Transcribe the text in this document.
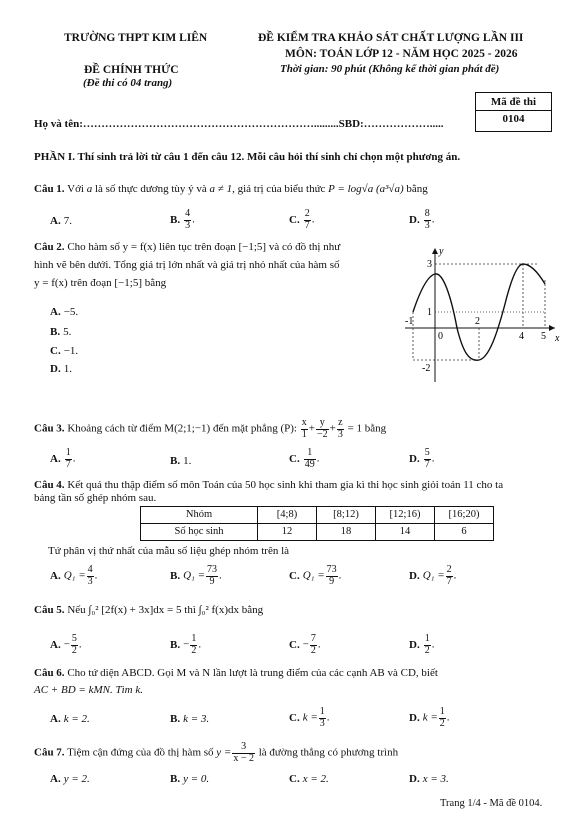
TRƯỜNG THPT KIM LIÊN
ĐỀ CHÍNH THỨC
(Đề thi có 04 trang)
ĐỀ KIỂM TRA KHẢO SÁT CHẤT LƯỢNG LẦN III
MÔN: TOÁN LỚP 12 - NĂM HỌC 2025 - 2026
Thời gian: 90 phút (Không kể thời gian phát đề)
Mã đề thi
0104
Họ và tên:……………………………………………………….........SBD:……………….....
PHẦN I. Thí sinh trả lời từ câu 1 đến câu 12. Mỗi câu hỏi thí sinh chỉ chọn một phương án.
Câu 1. Với a là số thực dương tùy ý và a ≠ 1, giá trị của biểu thức P = log√a (a³√a) bằng
A. 7.	B. $\frac{4}{3}$ .	C. $\frac{2}{7}$ .	D. $\frac{8}{3}$ .
Câu 2. Cho hàm số y = f(x) liên tục trên đoạn [−1;5] và có đồ thị như
hình vẽ bên dưới. Tổng giá trị lớn nhất và giá trị nhỏ nhất của hàm số
y = f(x) trên đoạn [−1;5] bằng
A. −5.
B. 5.
C. −1.
D. 1.
y
x
3
1
-1
0
-2
2
4 5
Câu 3. Khoảng cách từ điểm M(2;1;−1) đến mặt phẳng (P): $\frac{x}{1} + \frac{y}{-2} + \frac{z}{3} = 1$ bằng
A. $\frac{1}{7}$ .	B. 1.	C. $\frac{1}{49}$ .	D. $\frac{5}{7}$ .
Câu 4. Kết quả thu thập điểm số môn Toán của 50 học sinh khi tham gia kì thi học sinh giỏi toán 11 cho ta
bảng tần số ghép nhóm sau.
Nhóm	[4;8)	[8;12)	[12;16)	[16;20)
Số học sinh	12	18	14	6
Tứ phân vị thứ nhất của mẫu số liệu ghép nhóm trên là
A. $Q_1 = \frac{4}{3}$ .	B. $Q_1 = \frac{73}{9}$ .	C. $Q_1 = \frac{73}{9}$ .	D. $Q_1 = \frac{2}{7}$ .
Câu 5. Nếu ∫₀² [2f(x) + 3x]dx = 5 thì ∫₀² f(x)dx bằng
A. − $\frac{5}{2}$ .	B. − $\frac{1}{2}$ .	C. − $\frac{7}{2}$ .	D. $\frac{1}{2}$ .
Câu 6. Cho tứ diện ABCD. Gọi M và N lần lượt là trung điểm của các cạnh AB và CD, biết
AC + BD = kMN. Tìm k.
A. k = 2.	B. k = 3.	C. $k = \frac{1}{3}$ .	D. $k = \frac{1}{2}$ .
Câu 7. Tiệm cận đứng của đồ thị hàm số $y = \frac{3}{x - 2}$ là đường thẳng có phương trình
A. y = 2.	B. y = 0.	C. x = 2.	D. x = 3.
Trang 1/4 - Mã đề 0104.
